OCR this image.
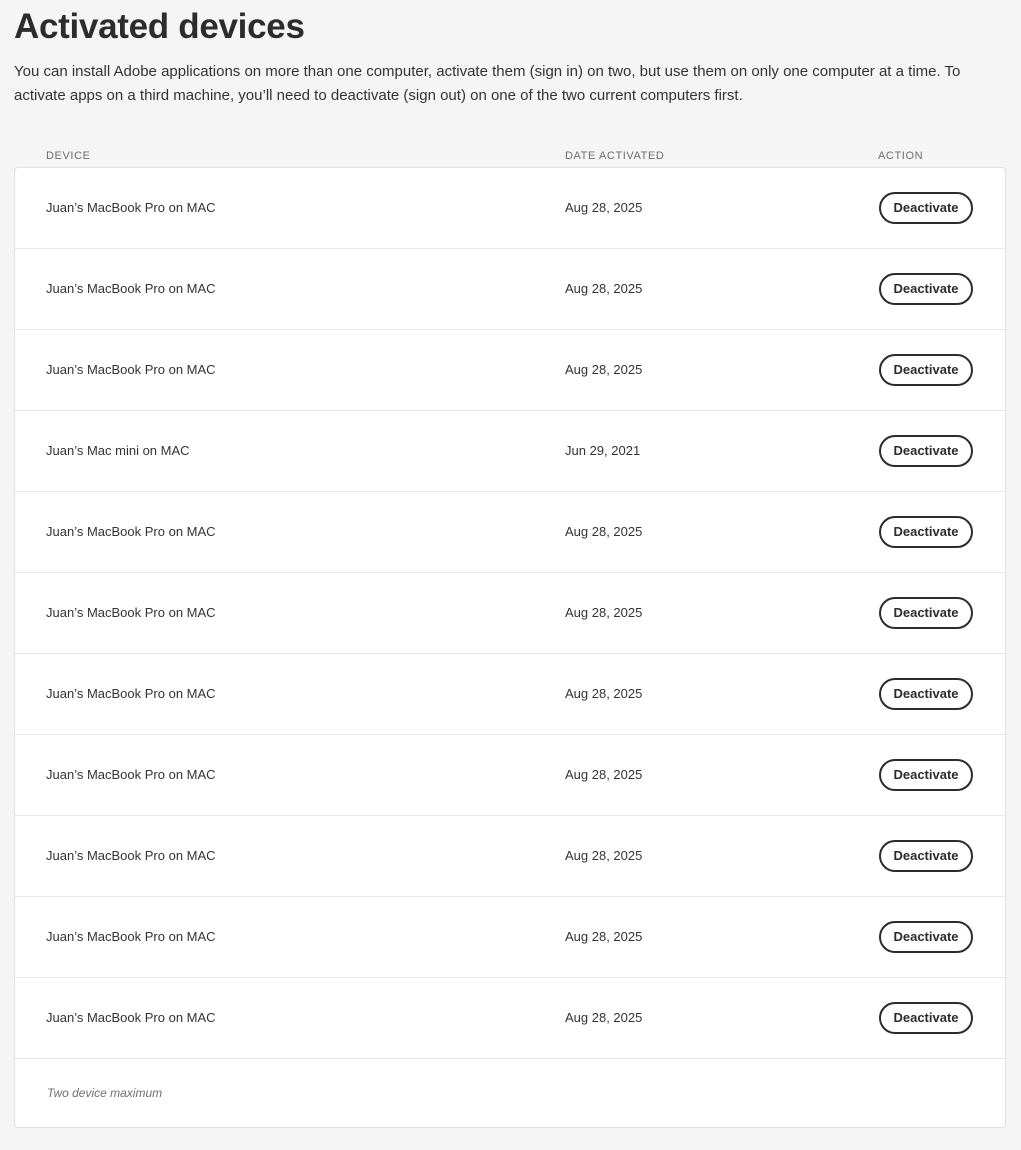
Activated devices

You can install Adobe applications on more than one computer, activate them (sign in) on two, but use them on only one computer at a time. To activate apps on a third machine, you’ll need to deactivate (sign out) on one of the two current computers first.

DEVICE	DATE ACTIVATED	ACTION
Juan’s MacBook Pro on MAC	Aug 28, 2025	Deactivate
Juan’s MacBook Pro on MAC	Aug 28, 2025	Deactivate
Juan’s MacBook Pro on MAC	Aug 28, 2025	Deactivate
Juan’s Mac mini on MAC	Jun 29, 2021	Deactivate
Juan’s MacBook Pro on MAC	Aug 28, 2025	Deactivate
Juan’s MacBook Pro on MAC	Aug 28, 2025	Deactivate
Juan’s MacBook Pro on MAC	Aug 28, 2025	Deactivate
Juan’s MacBook Pro on MAC	Aug 28, 2025	Deactivate
Juan’s MacBook Pro on MAC	Aug 28, 2025	Deactivate
Juan’s MacBook Pro on MAC	Aug 28, 2025	Deactivate
Juan’s MacBook Pro on MAC	Aug 28, 2025	Deactivate
Two device maximum
